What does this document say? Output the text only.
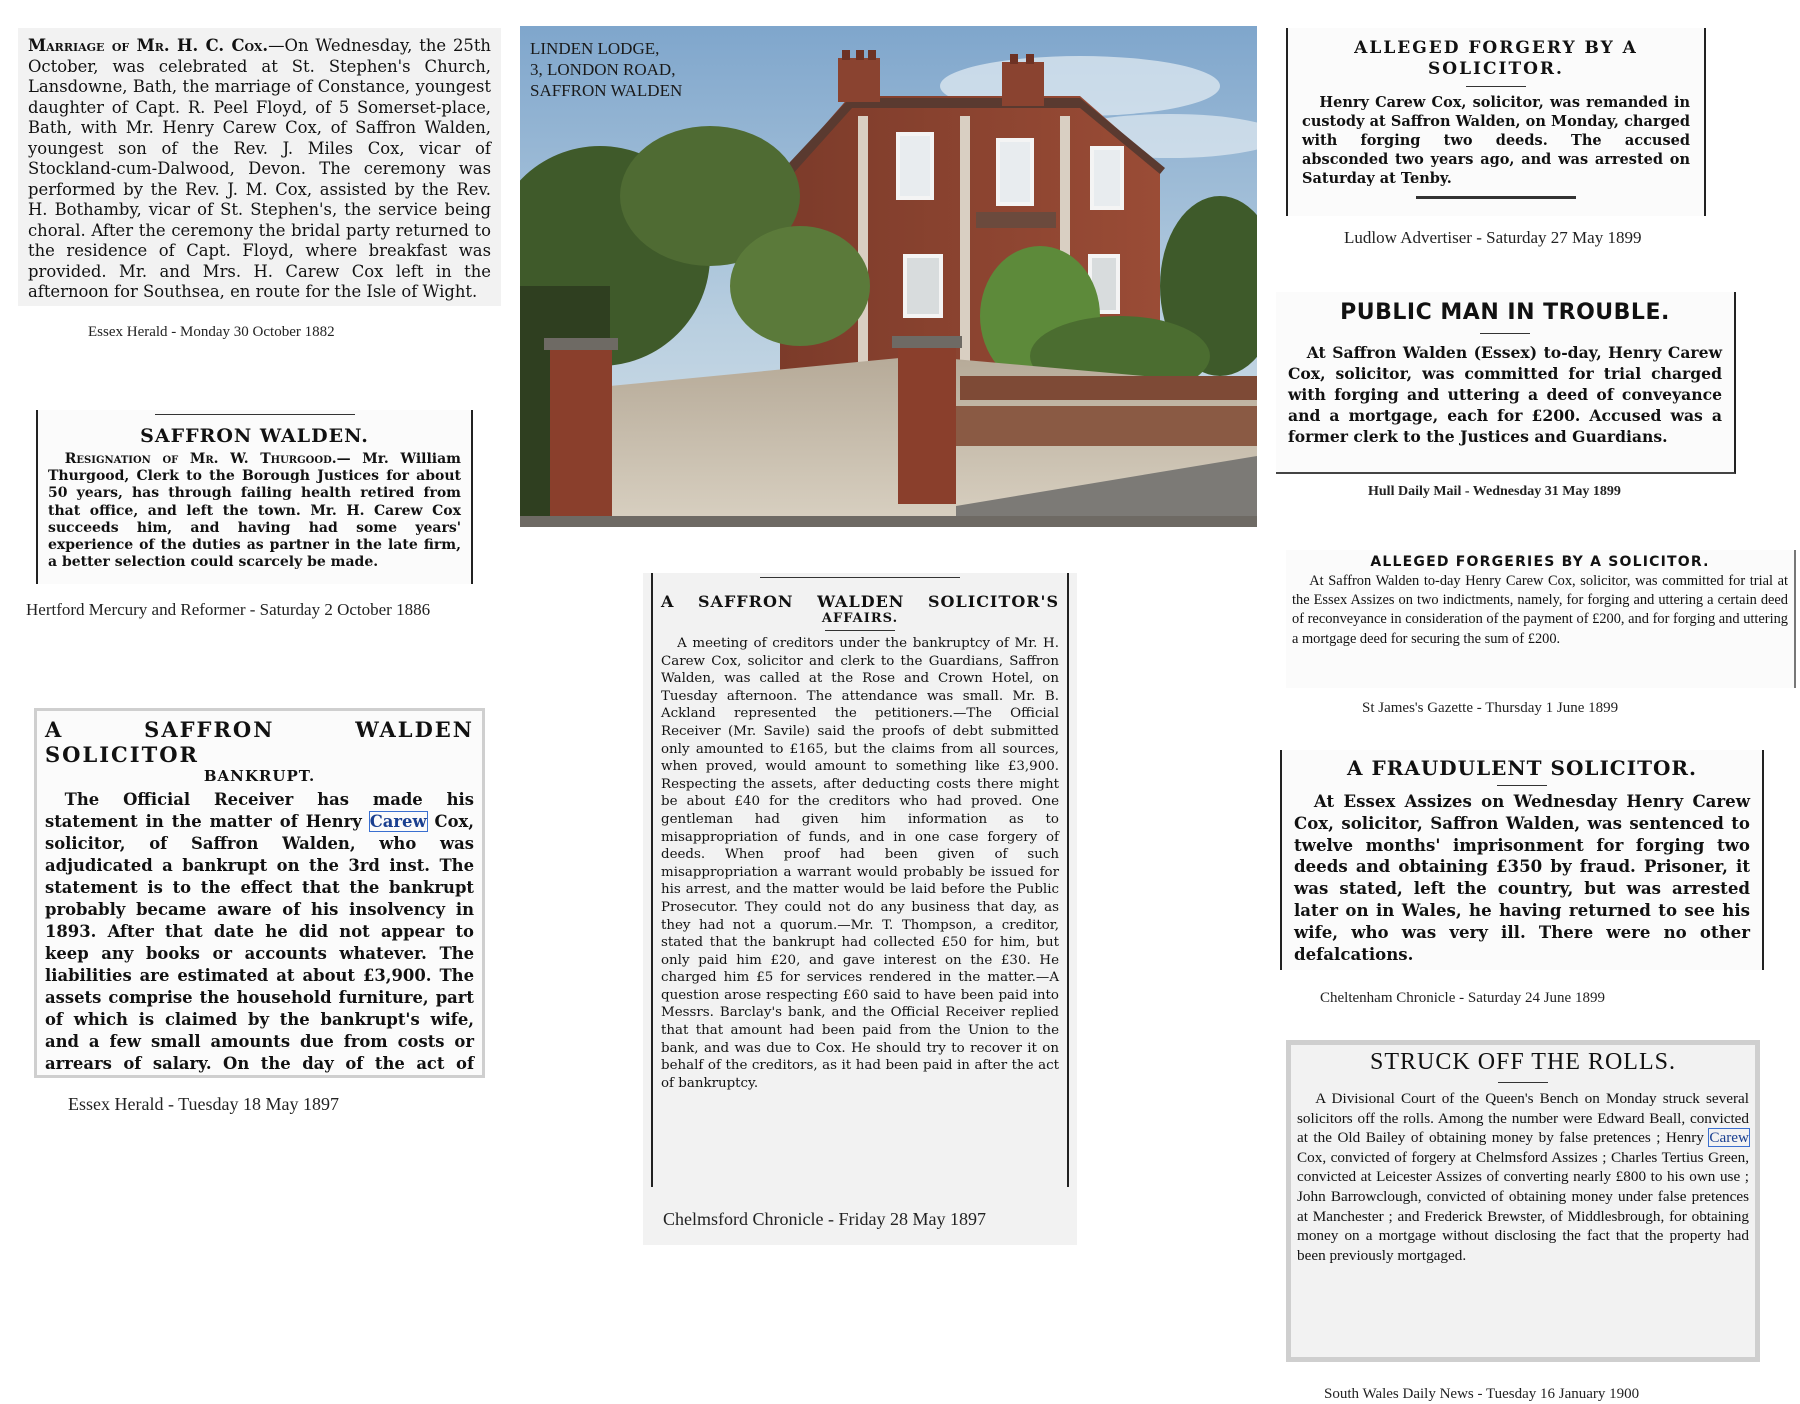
Marriage of Mr. H. C. Cox.—On Wednesday, the 25th October, was celebrated at St. Stephen's Church, Lansdowne, Bath, the marriage of Constance, youngest daughter of Capt. R. Peel Floyd, of 5 Somerset-place, Bath, with Mr. Henry Carew Cox, of Saffron Walden, youngest son of the Rev. J. Miles Cox, vicar of Stockland-cum-Dalwood, Devon. The ceremony was performed by the Rev. J. M. Cox, assisted by the Rev. H. Bothamby, vicar of St. Stephen's, the service being choral. After the ceremony the bridal party returned to the residence of Capt. Floyd, where breakfast was provided. Mr. and Mrs. H. Carew Cox left in the afternoon for Southsea, en route for the Isle of Wight.

Essex Herald - Monday 30 October 1882
SAFFRON WALDEN.

Resignation of Mr. W. Thurgood.— Mr. William Thurgood, Clerk to the Borough Justices for about 50 years, has through failing health retired from that office, and left the town. Mr. H. Carew Cox succeeds him, and having had some years' experience of the duties as partner in the late firm, a better selection could scarcely be made.

Hertford Mercury and Reformer - Saturday 2 October 1886
A SAFFRON WALDEN SOLICITOR
BANKRUPT.

The Official Receiver has made his statement in the matter of Henry Carew Cox, solicitor, of Saffron Walden, who was adjudicated a bankrupt on the 3rd inst. The statement is to the effect that the bankrupt probably became aware of his insolvency in 1893. After that date he did not appear to keep any books or accounts whatever. The liabilities are estimated at about £3,900. The assets comprise the household furniture, part of which is claimed by the bankrupt's wife, and a few small amounts due from costs or arrears of salary. On the day of the act of

Essex Herald - Tuesday 18 May 1897
LINDEN LODGE,
3, LONDON ROAD,
SAFFRON WALDEN
A SAFFRON WALDEN SOLICITOR'S
AFFAIRS.

A meeting of creditors under the bankruptcy of Mr. H. Carew Cox, solicitor and clerk to the Guardians, Saffron Walden, was called at the Rose and Crown Hotel, on Tuesday afternoon. The attendance was small. Mr. B. Ackland represented the petitioners.—The Official Receiver (Mr. Savile) said the proofs of debt submitted only amounted to £165, but the claims from all sources, when proved, would amount to something like £3,900. Respecting the assets, after deducting costs there might be about £40 for the creditors who had proved. One gentleman had given him information as to misappropriation of funds, and in one case forgery of deeds. When proof had been given of such misappropriation a warrant would probably be issued for his arrest, and the matter would be laid before the Public Prosecutor. They could not do any business that day, as they had not a quorum.—Mr. T. Thompson, a creditor, stated that the bankrupt had collected £50 for him, but only paid him £20, and gave interest on the £30. He charged him £5 for services rendered in the matter.—A question arose respecting £60 said to have been paid into Messrs. Barclay's bank, and the Official Receiver replied that that amount had been paid from the Union to the bank, and was due to Cox. He should try to recover it on behalf of the creditors, as it had been paid in after the act of bankruptcy.

Chelmsford Chronicle - Friday 28 May 1897
ALLEGED FORGERY BY A SOLICITOR.

Henry Carew Cox, solicitor, was remanded in custody at Saffron Walden, on Monday, charged with forging two deeds. The accused absconded two years ago, and was arrested on Saturday at Tenby.

Ludlow Advertiser - Saturday 27 May 1899
PUBLIC MAN IN TROUBLE.

At Saffron Walden (Essex) to-day, Henry Carew Cox, solicitor, was committed for trial charged with forging and uttering a deed of conveyance and a mortgage, each for £200. Accused was a former clerk to the Justices and Guardians.

Hull Daily Mail - Wednesday 31 May 1899
ALLEGED FORGERIES BY A SOLICITOR.

At Saffron Walden to-day Henry Carew Cox, solicitor, was committed for trial at the Essex Assizes on two indictments, namely, for forging and uttering a certain deed of reconveyance in consideration of the payment of £200, and for forging and uttering a mortgage deed for securing the sum of £200.

St James's Gazette - Thursday 1 June 1899
A FRAUDULENT SOLICITOR.

At Essex Assizes on Wednesday Henry Carew Cox, solicitor, Saffron Walden, was sentenced to twelve months' imprisonment for forging two deeds and obtaining £350 by fraud. Prisoner, it was stated, left the country, but was arrested later on in Wales, he having returned to see his wife, who was very ill. There were no other defalcations.

Cheltenham Chronicle - Saturday 24 June 1899
STRUCK OFF THE ROLLS.

A Divisional Court of the Queen's Bench on Monday struck several solicitors off the rolls. Among the number were Edward Beall, convicted at the Old Bailey of obtaining money by false pretences ; Henry Carew Cox, convicted of forgery at Chelmsford Assizes ; Charles Tertius Green, convicted at Leicester Assizes of converting nearly £800 to his own use ; John Barrowclough, convicted of obtaining money under false pretences at Manchester ; and Frederick Brewster, of Middlesbrough, for obtaining money on a mortgage without disclosing the fact that the property had been previously mortgaged.

South Wales Daily News - Tuesday 16 January 1900
